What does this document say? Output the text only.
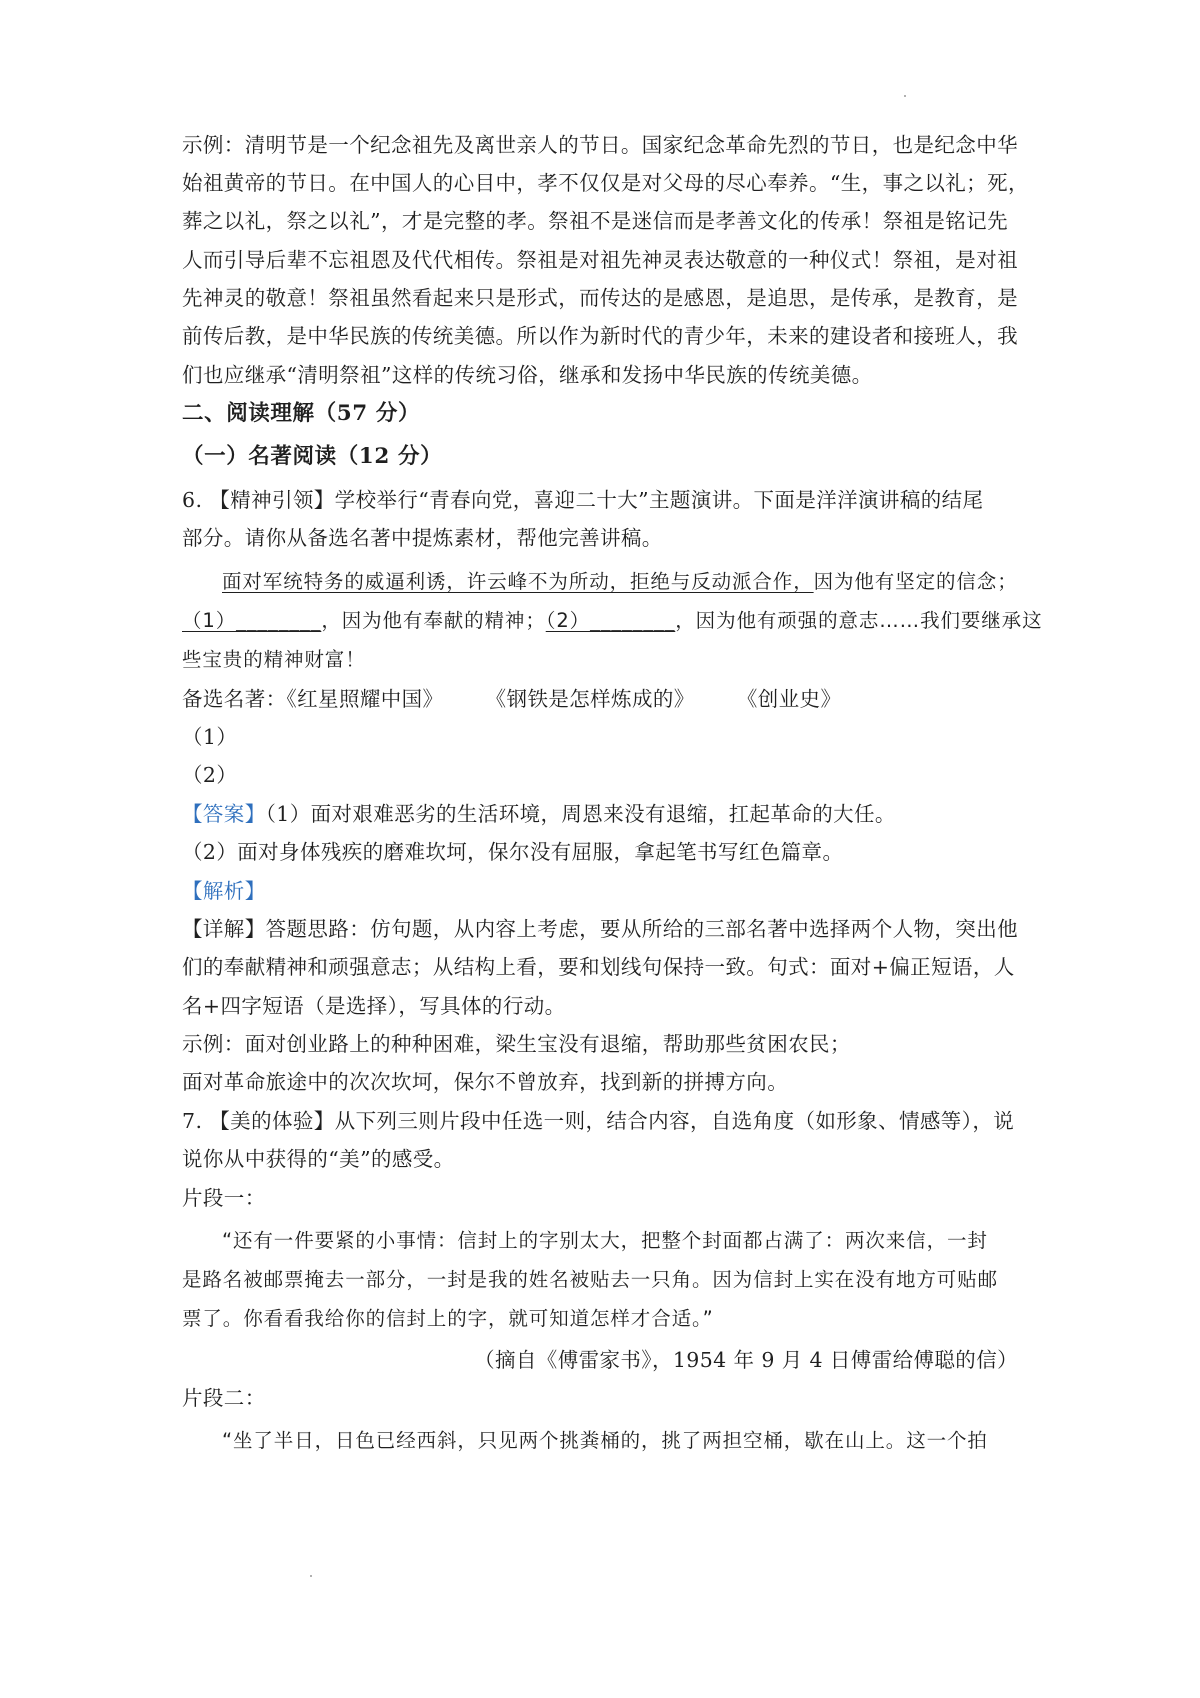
示例：清明节是一个纪念祖先及离世亲人的节日。国家纪念革命先烈的节日，也是纪念中华
始祖黄帝的节日。在中国人的心目中，孝不仅仅是对父母的尽心奉养。“生，事之以礼；死，
葬之以礼，祭之以礼”，才是完整的孝。祭祖不是迷信而是孝善文化的传承！祭祖是铭记先
人而引导后辈不忘祖恩及代代相传。祭祖是对祖先神灵表达敬意的一种仪式！祭祖，是对祖
先神灵的敬意！祭祖虽然看起来只是形式，而传达的是感恩，是追思，是传承，是教育，是
前传后教，是中华民族的传统美德。所以作为新时代的青少年，未来的建设者和接班人，我
们也应继承“清明祭祖”这样的传统习俗，继承和发扬中华民族的传统美德。
二、阅读理解（57 分）
（一）名著阅读（12 分）
6. 【精神引领】学校举行“青春向党，喜迎二十大”主题演讲。下面是洋洋演讲稿的结尾
部分。请你从备选名著中提炼素材，帮他完善讲稿。
面对军统特务的威逼利诱，许云峰不为所动，拒绝与反动派合作，因为他有坚定的信念；
（1）________，因为他有奉献的精神；（2）________，因为他有顽强的意志……我们要继承这
些宝贵的精神财富！
备选名著：《红星照耀中国》　　　《钢铁是怎样炼成的》　　　《创业史》
（1）
（2）
【答案】（1）面对艰难恶劣的生活环境，周恩来没有退缩，扛起革命的大任。
（2）面对身体残疾的磨难坎坷，保尔没有屈服，拿起笔书写红色篇章。
【解析】
【详解】答题思路：仿句题，从内容上考虑，要从所给的三部名著中选择两个人物，突出他
们的奉献精神和顽强意志；从结构上看，要和划线句保持一致。句式：面对+偏正短语，人
名+四字短语（是选择），写具体的行动。
示例：面对创业路上的种种困难，梁生宝没有退缩，帮助那些贫困农民；
面对革命旅途中的次次坎坷，保尔不曾放弃，找到新的拼搏方向。
7. 【美的体验】从下列三则片段中任选一则，结合内容，自选角度（如形象、情感等），说
说你从中获得的“美”的感受。
片段一：
“还有一件要紧的小事情：信封上的字别太大，把整个封面都占满了：两次来信，一封
是路名被邮票掩去一部分，一封是我的姓名被贴去一只角。因为信封上实在没有地方可贴邮
票了。你看看我给你的信封上的字，就可知道怎样才合适。”
（摘自《傅雷家书》，1954 年 9 月 4 日傅雷给傅聪的信）
片段二：
“坐了半日，日色已经西斜，只见两个挑粪桶的，挑了两担空桶，歇在山上。这一个拍
